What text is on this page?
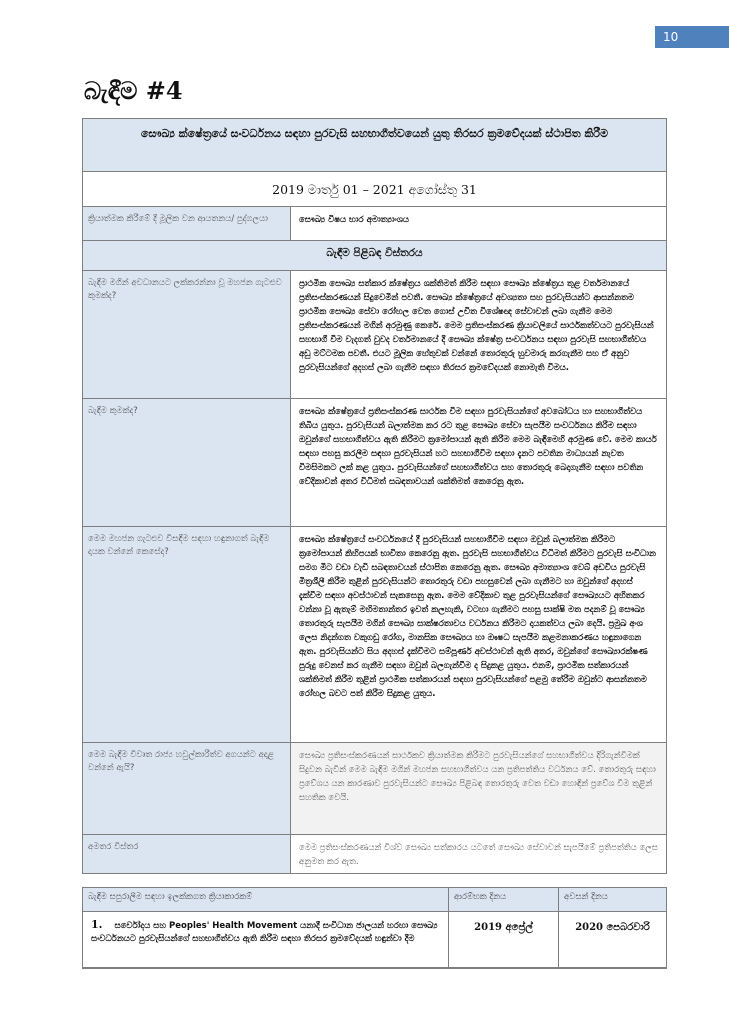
10
බැඳීම #4
සෞඛ්‍ය ක්ෂේත්‍රයේ සංවර්ධනය සඳහා පුරවැසි සහභාගීත්වයෙන් යුතු තිරසර ක්‍රමවේදයක් ස්ථාපිත කිරීම	
2019 මාර්තු 01 – 2021 අගෝස්තු 31	
ක්‍රියාත්මක කිරීමේ දී මූලික වන ආයතනය/ පුද්ගලයා	සෞඛ්‍ය විෂය භාර අමාත්‍යාංශය
බැඳීම පිළිබඳ විස්තරය	
බැඳීම මගින් අවධානයට ලක්කරන්නා වූ මහජන ගැටළුව කුමක්ද?	ප්‍රාථමික සෞඛ්‍ය සත්කාර ක්ෂේත්‍රය ශක්තිමත් කිරීම සඳහා සෞඛ්‍ය ක්ෂේත්‍රය තුළ වර්තමානයේ ප්‍රතිසංස්කරණයන් සිදුවෙමින් පවතී. සෞඛ්‍ය ක්ෂේත්‍රයේ අවශ්‍යතා සහ පුරවැසියන්ට ආසන්නතම ප්‍රාථමික සෞඛ්‍ය සේවා රෝහල වෙත ගොස් උචිත විශේෂඥ සේවාවන් ලබා ගැනීම මෙම ප්‍රතිසංස්කරණයන් මගින් අරමුණු කෙරේ. මෙම ප්‍රතිසංස්කරණ ක්‍රියාවලියේ සාර්ථකත්වයට පුරවැසියන් සහභාගී වීම වැදගත් වුවද වර්තමානයේ දී සෞඛ්‍ය ක්ෂේත්‍ර සංවර්ධනය සඳහා පුරවැසි සහභාගීත්වය අඩු මට්ටමක පවතී. එයට මූලික හේතුවක් වන්නේ තොරතුරු හුවමාරු කරගැනීම සහ ඒ අනුව පුරවැසියන්ගේ අදහස් ලබා ගැනීම සඳහා තිරසර ක්‍රමවේදයක් නොමැති වීමය.
බැඳීම කුමක්ද?	සෞඛ්‍ය ක්ෂේත්‍රයේ ප්‍රතිසංස්කරණ සාර්ථක වීම සඳහා පුරවැසියන්ගේ අවබෝධය හා සහභාගීත්වය තිබිය යුතුය. පුරවැසියන් බලාත්මක කර රට තුළ සෞඛ්‍ය සේවා සැපයීම සංවර්ධනය කිරීම සඳහා ඔවුන්ගේ සහභාගීත්වය ඇති කිරීමට ක්‍රමෝපායන් ඇති කිරීම මෙම බැඳීමෙහි අරමුණ වේ. මෙම කාර්ය සඳහා පහසු කරලීම සඳහා පුරවැසියන් හට සහභාගීවීම සඳහා දැනට පවතින මාධ්‍යයන් නැවත විමසිමකට ලක් කළ යුතුය. පුරවැසියන්ගේ සහභාගීත්වය සහ තොරතුරු බෙදාගැනීම සඳහා පවතින වේදිකාවන් අතර විධිමත් සබඳතාවයන් ශක්තිමත් කෙරෙනු ඇත.
මෙම මහජන ගැටළුව විසඳීම සඳහා හඳුනාගත් බැඳීම දායක වන්නේ කෙසේද?	සෞඛ්‍ය ක්ෂේත්‍රයේ සංවර්ධනයේ දී පුරවැසියන් සහභාගීවීම සඳහා ඔවුන් බලාත්මක කිරීමට ක්‍රමෝපායන් කිහිපයක් භාවිතා කෙරෙනු ඇත. පුරවැසි සහභාගීත්වය විධිමත් කිරීමට පුරවැසි සංවිධාන සමග මීට වඩා වැඩි සබඳතාවයන් ස්ථාපිත කෙරෙනු ඇත. සෞඛ්‍ය අමාත්‍යාංශ වෙබ් අඩවිය පුරවැසි මිත්‍රශීලී කිරීම තුළින් පුරවැසියන්ට තොරතුරු වඩා පහසුවෙන් ලබා ගැනීමට හා ඔවුන්ගේ අදහස් දැක්වීම සඳහා අවස්ථාවන් සැකසෙනු ඇත. මෙම වේදිකාව තුළ පුරවැසියන්ගේ සෞඛ්‍යයට අහිතකර වන්නා වූ ඇතැම් මහිමතාන්තර ඉවත් කලහැකි, වටහා ගැනීමට පහසු සාක්ෂි මත පදනම් වූ සෞඛ්‍ය තොරතුරු සැපයීම මගින් සෞඛ්‍ය සාක්ෂරතාවය වර්ධනය කිරීමට දායකත්වය ලබා දෙයි. ප්‍රමුඛ අංශ ලෙස නිදන්ගත වකුගඩු රෝග, මානසික සෞඛ්‍යය හා ඖෂධ සැපයීම කළමනාකරණය හඳුනාගෙන ඇත. පුරවැසියන්ට සිය අදහස් දැක්වීමට සම්පූර්ණ අවස්ථාවන් ඇති අතර, ඔවුන්ගේ සෞඛ්‍යාරක්ෂණ පුරුදු වෙනස් කර ගැනීම සඳහා ඔවුන් බලගැන්වීම ද සිදුකළ යුතුය. එනම්, ප්‍රාථමික සත්කාරයන් ශක්තිමත් කිරීම තුළින් ප්‍රාථමික සත්කාරයන් සඳහා පුරවැසියන්ගේ පළමු තේරීම ඔවුන්ට ආසන්නතම රෝහල බවට පත් කිරීම සිදුකළ යුතුය.
මෙම බැඳීම විවෘත රාජ්‍ය හවුල්කාරීත්ව අගයන්ට අදාළ වන්නේ ඇයි?	සෞඛ්‍ය ප්‍රතිසංස්කරණයන් සාර්ථකව ක්‍රියාත්මක කිරීමට පුරවැසියන්ගේ සහභාගීත්වය දිරිගැන්වීමක් සිදුවන බැවින් මෙම බැඳීම මගින් මහජන සහභාගීත්වය යන ප්‍රතිපත්තිය වර්ධනය වේ. තොරතුරු සඳහා ප්‍රවේශය යන කාරණාව පුරවැසියන්ට සෞඛ්‍ය පිළිබඳ තොරතුරු වෙත වඩා හොඳින් ප්‍රවේශ වීම තුළින් සහතික වෙයි.
අමතර විස්තර	මෙම ප්‍රතිසංස්කරණයන් විශ්ව සෞඛ්‍ය සත්කාරය යටතේ සෞඛ්‍ය සේවාවන් සැපයීමේ ප්‍රතිපත්තිය ලෙස අනුමත කර ඇත.
බැඳීම සපුරාලීම සඳහා ඉලක්කගත ක්‍රියාකාරකම්	ආරම්භක දිනය	අවසන් දිනය
1. සර්වෝදය සහ Peoples' Health Movement යනාදී සංවිධාන ජාලයන් හරහා සෞඛ්‍ය සංවර්ධනයට පුරවැසියන්ගේ සහභාගීත්වය ඇති කිරීම සඳහා තිරසර ක්‍රමවේදයක් හඳුන්වා දීම	2019 අප්‍රේල්	2020 පෙබරවාරි
